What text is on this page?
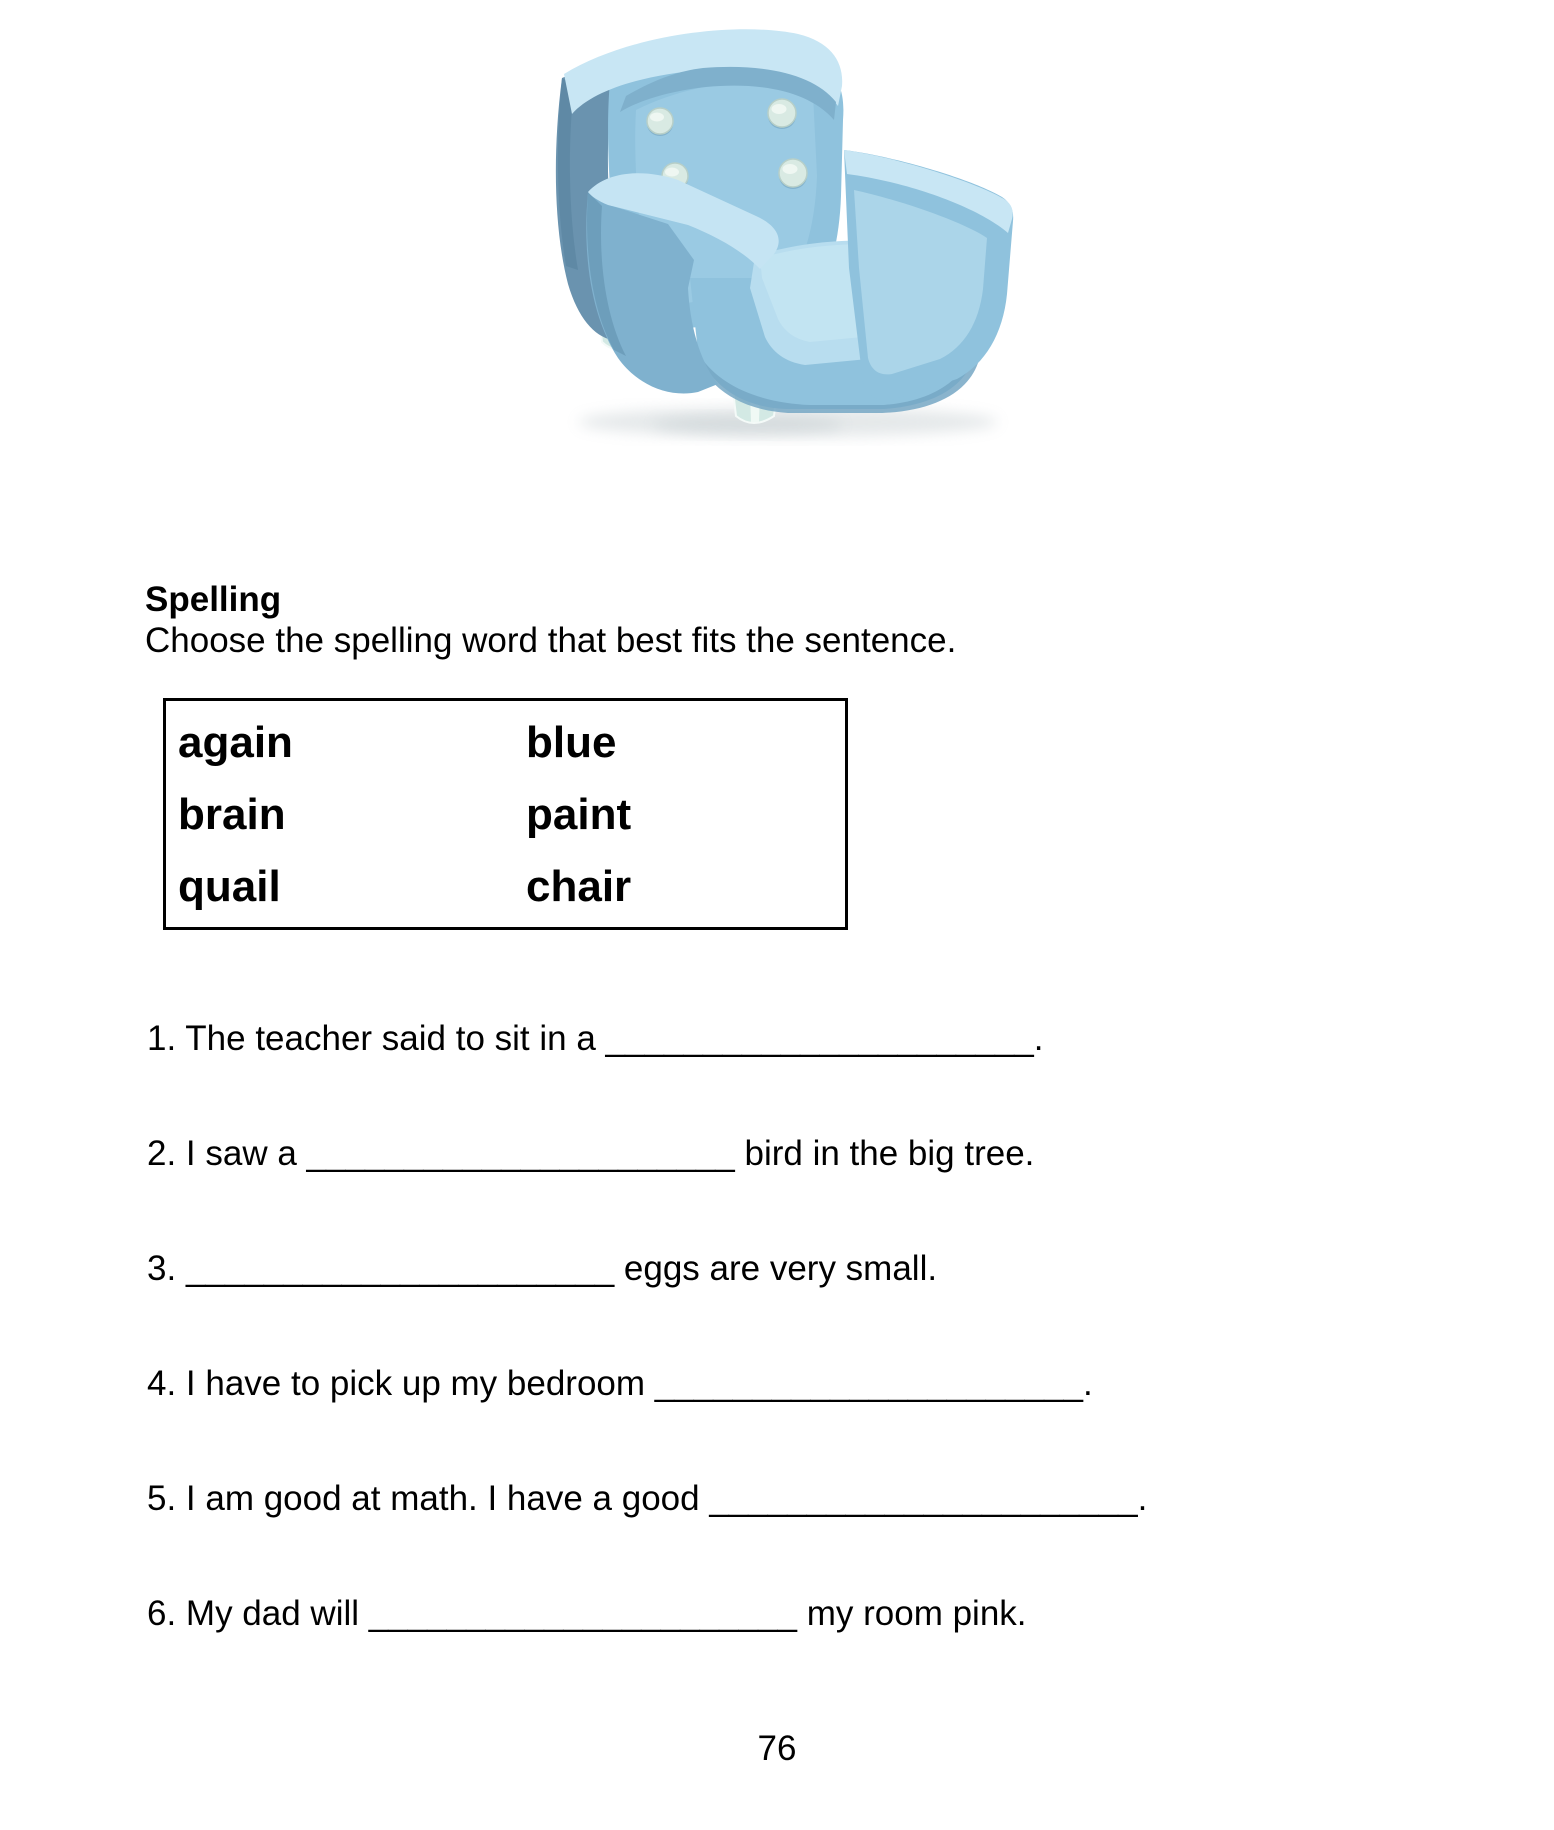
Spelling
Choose the spelling word that best fits the sentence.
again	blue
brain	paint
quail	chair
1. The teacher said to sit in a ______________________.
2. I saw a ______________________ bird in the big tree.
3. ______________________ eggs are very small.
4. I have to pick up my bedroom ______________________.
5. I am good at math. I have a good ______________________.
6. My dad will ______________________ my room pink.
76
